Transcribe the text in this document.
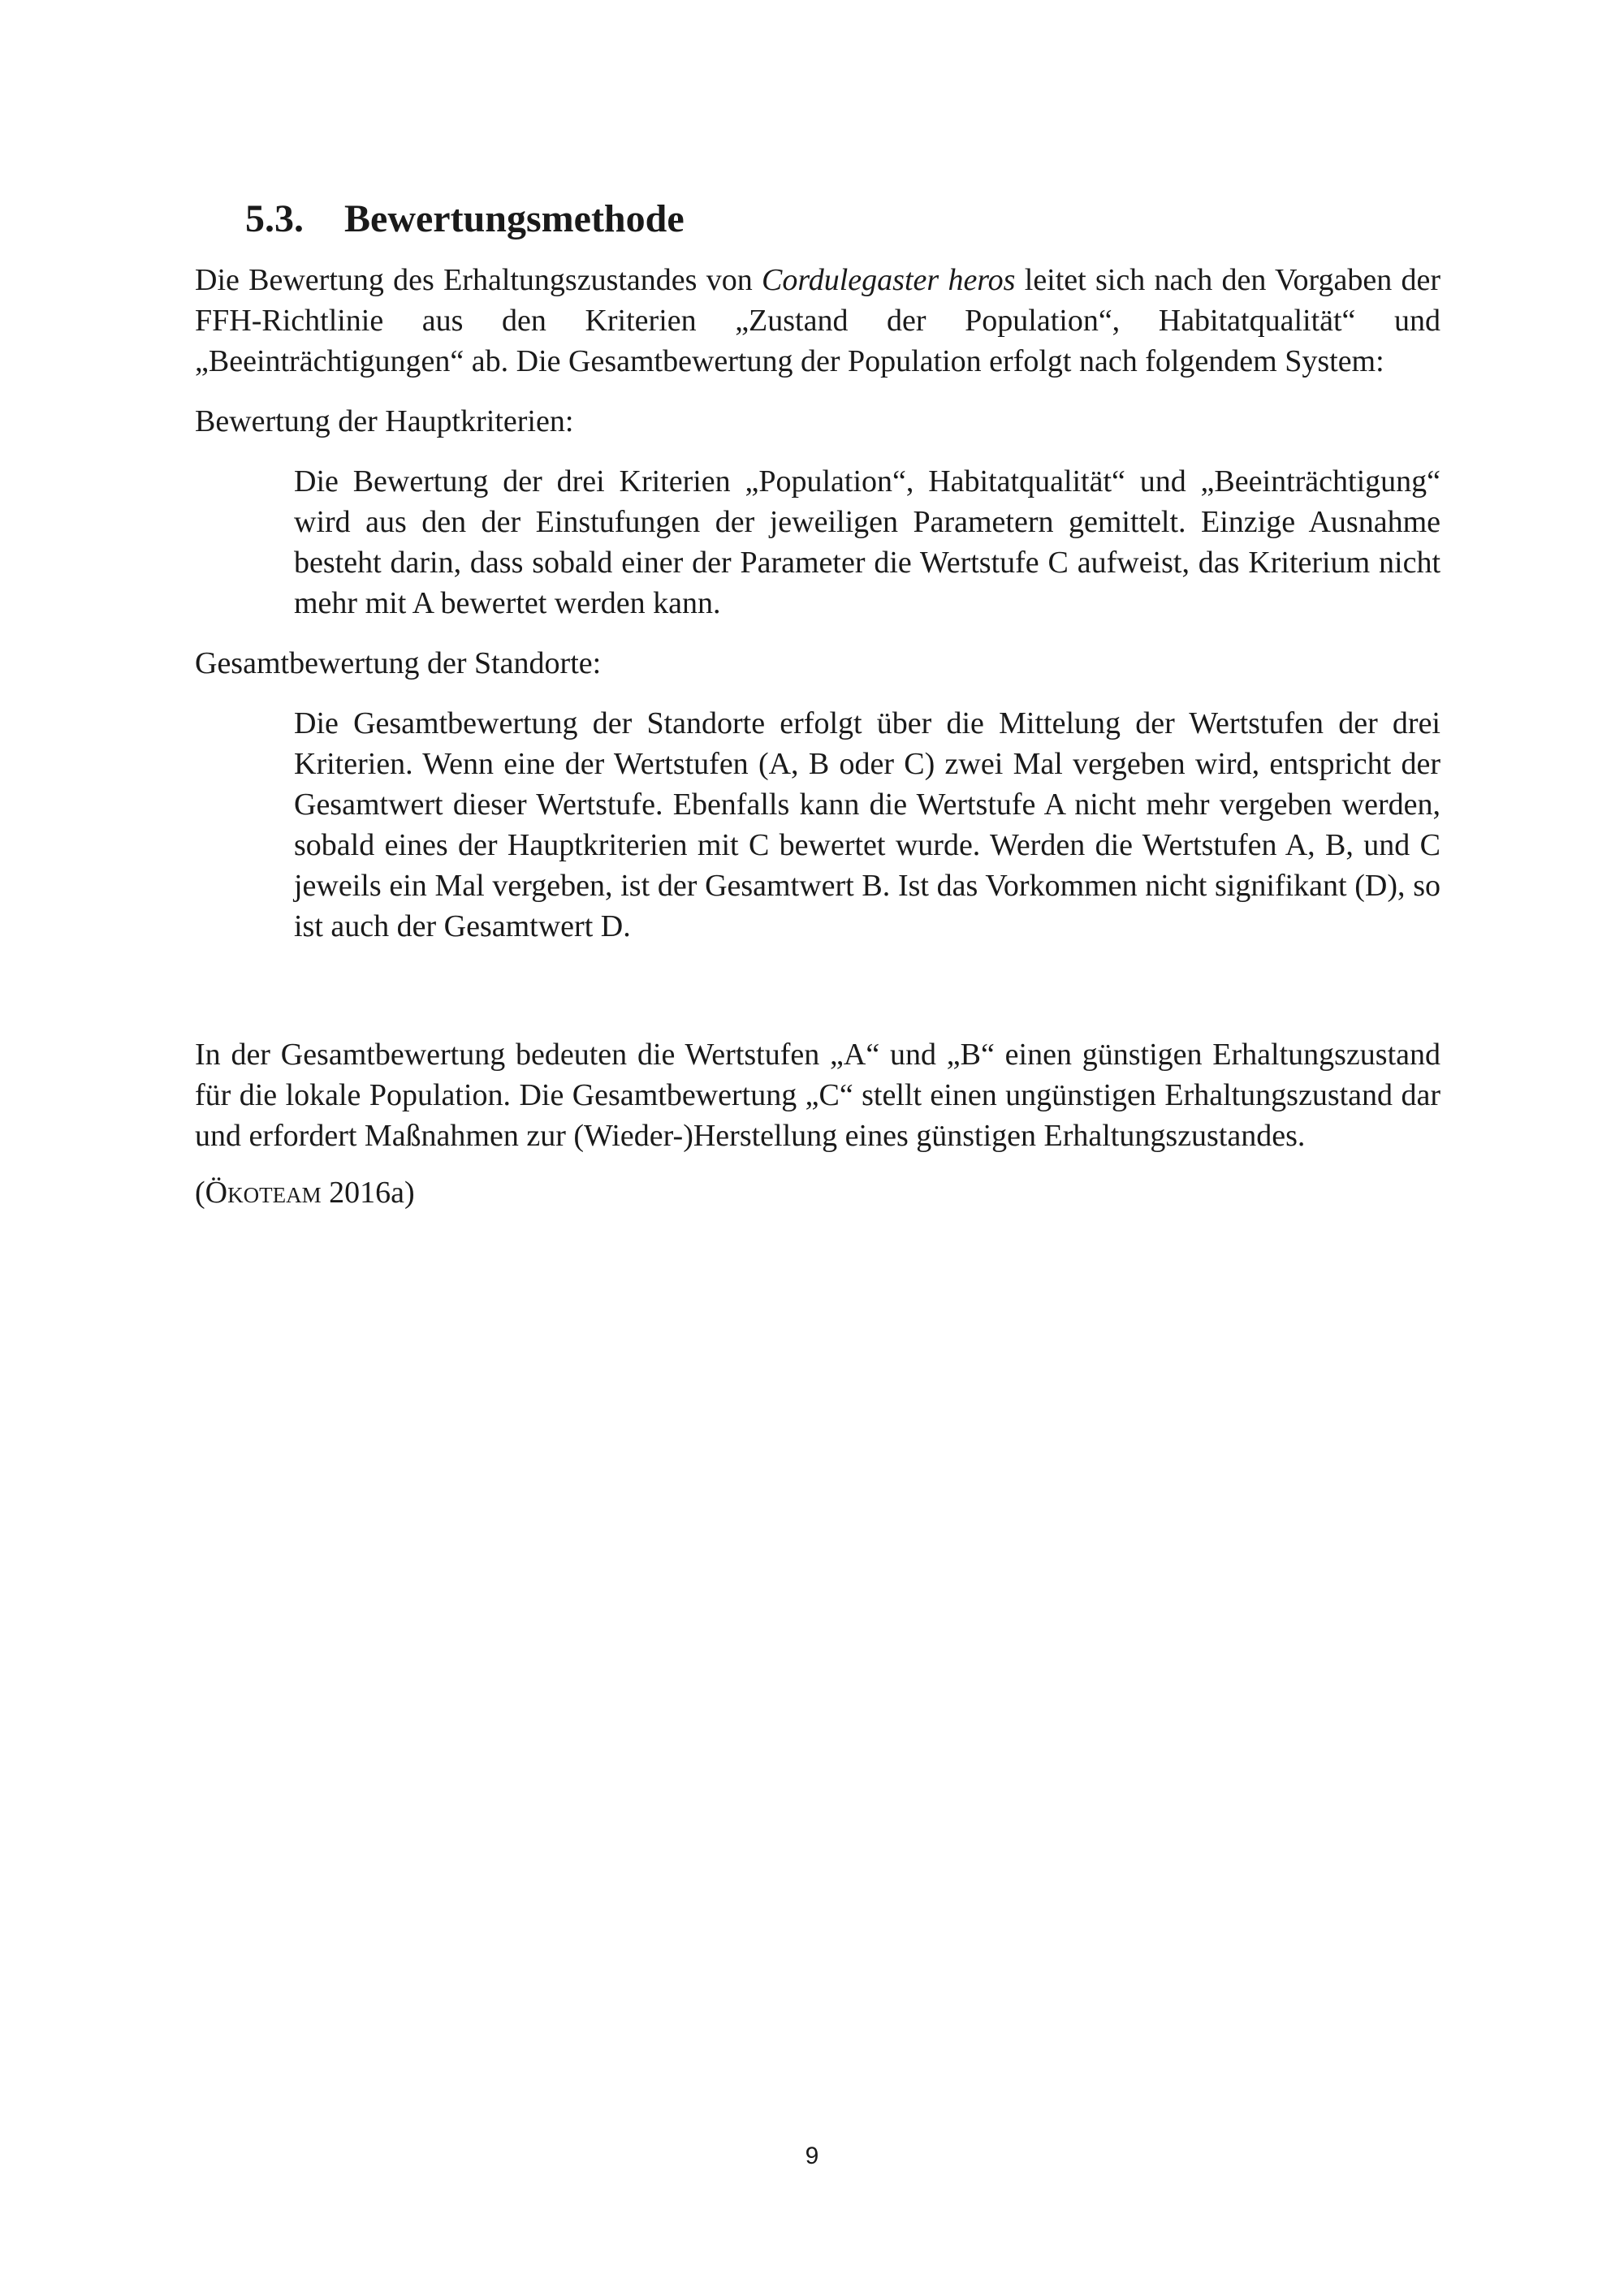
5.3. Bewertungsmethode

Die Bewertung des Erhaltungszustandes von Cordulegaster heros leitet sich nach den Vorgaben der FFH-Richtlinie aus den Kriterien „Zustand der Population“, Habitatqualität“ und „Beeinträchtigungen“ ab. Die Gesamtbewertung der Population erfolgt nach folgendem System:

Bewertung der Hauptkriterien:

Die Bewertung der drei Kriterien „Population“, Habitatqualität“ und „Beeinträchtigung“ wird aus den der Einstufungen der jeweiligen Parametern gemittelt. Einzige Ausnahme besteht darin, dass sobald einer der Parameter die Wertstufe C aufweist, das Kriterium nicht mehr mit A bewertet werden kann.

Gesamtbewertung der Standorte:

Die Gesamtbewertung der Standorte erfolgt über die Mittelung der Wertstufen der drei Kriterien. Wenn eine der Wertstufen (A, B oder C) zwei Mal vergeben wird, entspricht der Gesamtwert dieser Wertstufe. Ebenfalls kann die Wertstufe A nicht mehr vergeben werden, sobald eines der Hauptkriterien mit C bewertet wurde. Werden die Wertstufen A, B, und C jeweils ein Mal vergeben, ist der Gesamtwert B. Ist das Vorkommen nicht signifikant (D), so ist auch der Gesamtwert D.

In der Gesamtbewertung bedeuten die Wertstufen „A“ und „B“ einen günstigen Erhaltungszustand für die lokale Population. Die Gesamtbewertung „C“ stellt einen ungünstigen Erhaltungszustand dar und erfordert Maßnahmen zur (Wieder-)Herstellung eines günstigen Erhaltungszustandes.

(Ökoteam 2016a)
9
